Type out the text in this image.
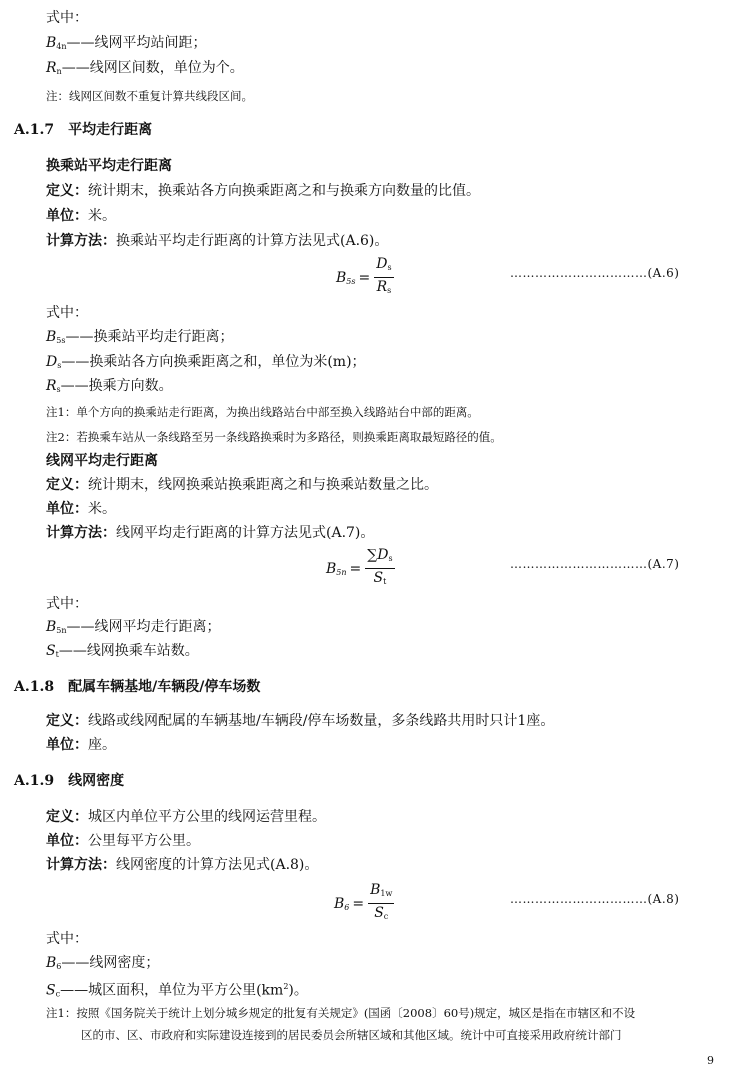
式中：
$B_{4n}——$线网平均站间距；
$R_n——$线网区间数，单位为个。
注：线网区间数不重复计算共线段区间。
A.1.7　平均走行距离
换乘站平均走行距离
定义：统计期末，换乘站各方向换乘距离之和与换乘方向数量的比值。
单位：米。
计算方法：换乘站平均走行距离的计算方法见式(A.6)。
$B_{5s} = \frac{D_s}{R_s}$	……………………………(A.6)
式中：
$B_{5s}——$换乘站平均走行距离；
$D_s——$换乘站各方向换乘距离之和，单位为米(m)；
$R_s——$换乘方向数。
注1：单个方向的换乘站走行距离，为换出线路站台中部至换入线路站台中部的距离。
注2：若换乘车站从一条线路至另一条线路换乘时为多路径，则换乘距离取最短路径的值。
线网平均走行距离
定义：统计期末，线网换乘站换乘距离之和与换乘站数量之比。
单位：米。
计算方法：线网平均走行距离的计算方法见式(A.7)。
$B_{5n} = \frac{\sum D_s}{S_t}$	……………………………(A.7)
式中：
$B_{5n}——$线网平均走行距离；
$S_t——$线网换乘车站数。
A.1.8　配属车辆基地/车辆段/停车场数
定义：线路或线网配属的车辆基地/车辆段/停车场数量，多条线路共用时只计1座。
单位：座。
A.1.9　线网密度
定义：城区内单位平方公里的线网运营里程。
单位：公里每平方公里。
计算方法：线网密度的计算方法见式(A.8)。
$B_6 = \frac{B_{1w}}{S_c}$	……………………………(A.8)
式中：
$B_6——$线网密度；
$S_c——$城区面积，单位为平方公里$(km^2)$。
注1：按照《国务院关于统计上划分城乡规定的批复有关规定》(国函〔2008〕60号)规定，城区是指在市辖区和不设
区的市、区、市政府和实际建设连接到的居民委员会所辖区域和其他区域。统计中可直接采用政府统计部门
9
